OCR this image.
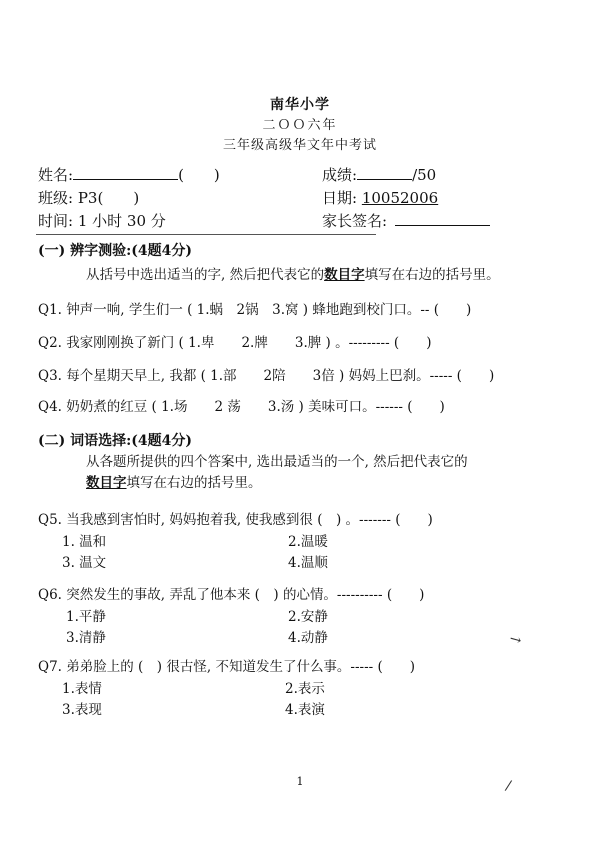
南华小学
二ＯＯ六年
三年级高级华文年中考试
姓名:	(　　)	成绩:	/50
班级: P3(　　)	日期: 10052006
时间: 1 小时 30 分	家长签名:
(一) 辨字测验:(4题4分)
从括号中选出适当的字, 然后把代表它的数目字填写在右边的括号里。
Q1. 钟声一响, 学生们一 ( 1.蜗　2锅　3.窝 ) 蜂地跑到校门口。-- (　　)
Q2. 我家刚刚换了新门 ( 1.卑　　2.牌　　3.脾 ) 。--------- (　　)
Q3. 每个星期天早上, 我都 ( 1.部　　2陪　　3倍 ) 妈妈上巴刹。----- (　　)
Q4. 奶奶煮的红豆 ( 1.场　　2 荡　　3.汤 ) 美味可口。------ (　　)
(二) 词语选择:(4题4分)
从各题所提供的四个答案中, 选出最适当的一个, 然后把代表它的
数目字填写在右边的括号里。
Q5. 当我感到害怕时, 妈妈抱着我, 使我感到很 (　) 。------- (　　)
1. 温和	2.温暖
3. 温文	4.温顺
Q6. 突然发生的事故, 弄乱了他本来 (　) 的心情。---------- (　　)
1.平静	2.安静
3.清静	4.动静
Q7. 弟弟脸上的 (　) 很古怪, 不知道发生了什么事。----- (　　)
1.表情	2.表示
3.表现	4.表演
↘
/
1
